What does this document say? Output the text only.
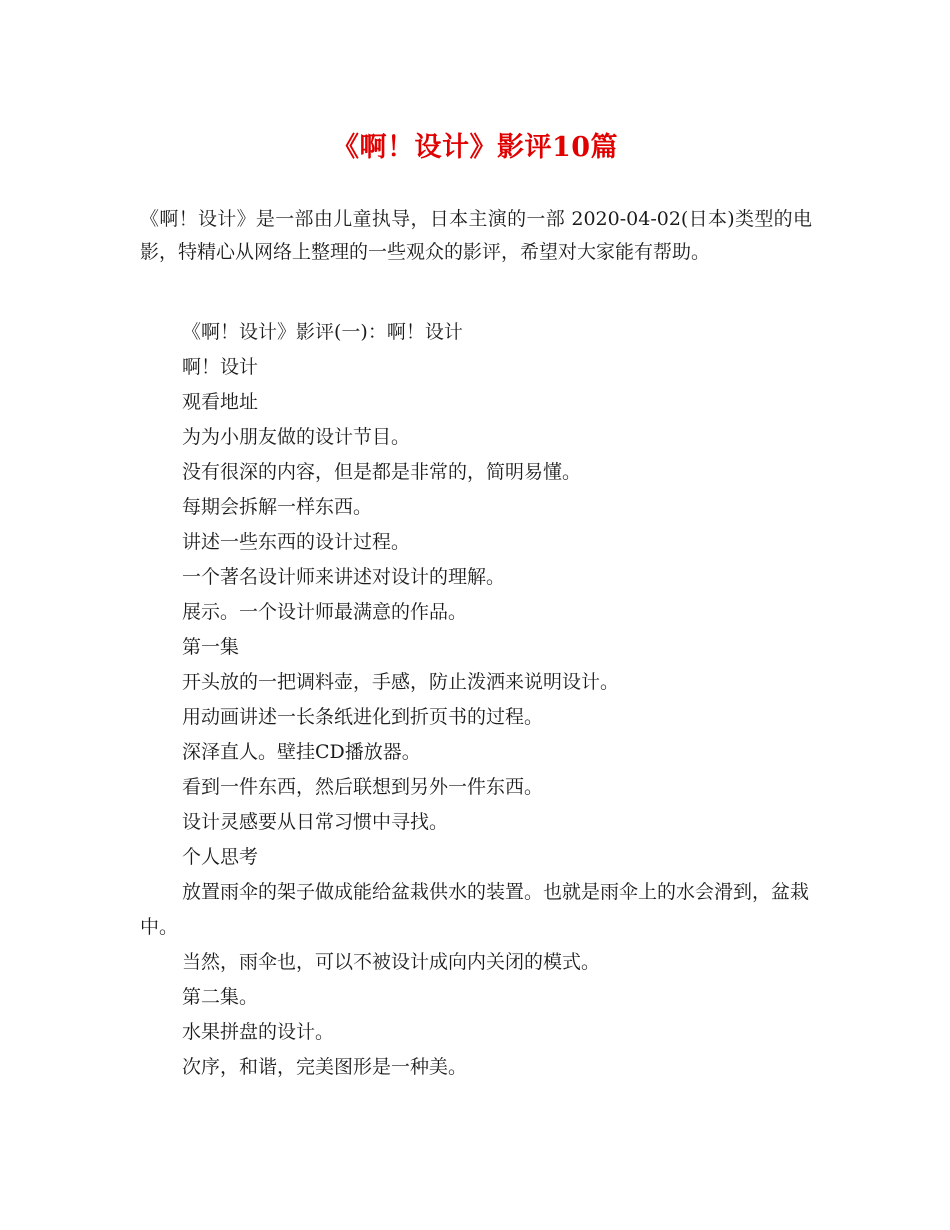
《啊！设计》影评10篇
《啊！设计》是一部由儿童执导，日本主演的一部 2020-04-02(日本)类型的电影，特精心从网络上整理的一些观众的影评，希望对大家能有帮助。

《啊！设计》影评(一)：啊！设计

啊！设计

观看地址

为为小朋友做的设计节目。

没有很深的内容，但是都是非常的，简明易懂。

每期会拆解一样东西。

讲述一些东西的设计过程。

一个著名设计师来讲述对设计的理解。

展示。一个设计师最满意的作品。

第一集

开头放的一把调料壶，手感，防止泼洒来说明设计。

用动画讲述一长条纸进化到折页书的过程。

深泽直人。壁挂CD播放器。

看到一件东西，然后联想到另外一件东西。

设计灵感要从日常习惯中寻找。

个人思考

放置雨伞的架子做成能给盆栽供水的装置。也就是雨伞上的水会滑到，盆栽中。

当然，雨伞也，可以不被设计成向内关闭的模式。

第二集。

水果拼盘的设计。

次序，和谐，完美图形是一种美。
